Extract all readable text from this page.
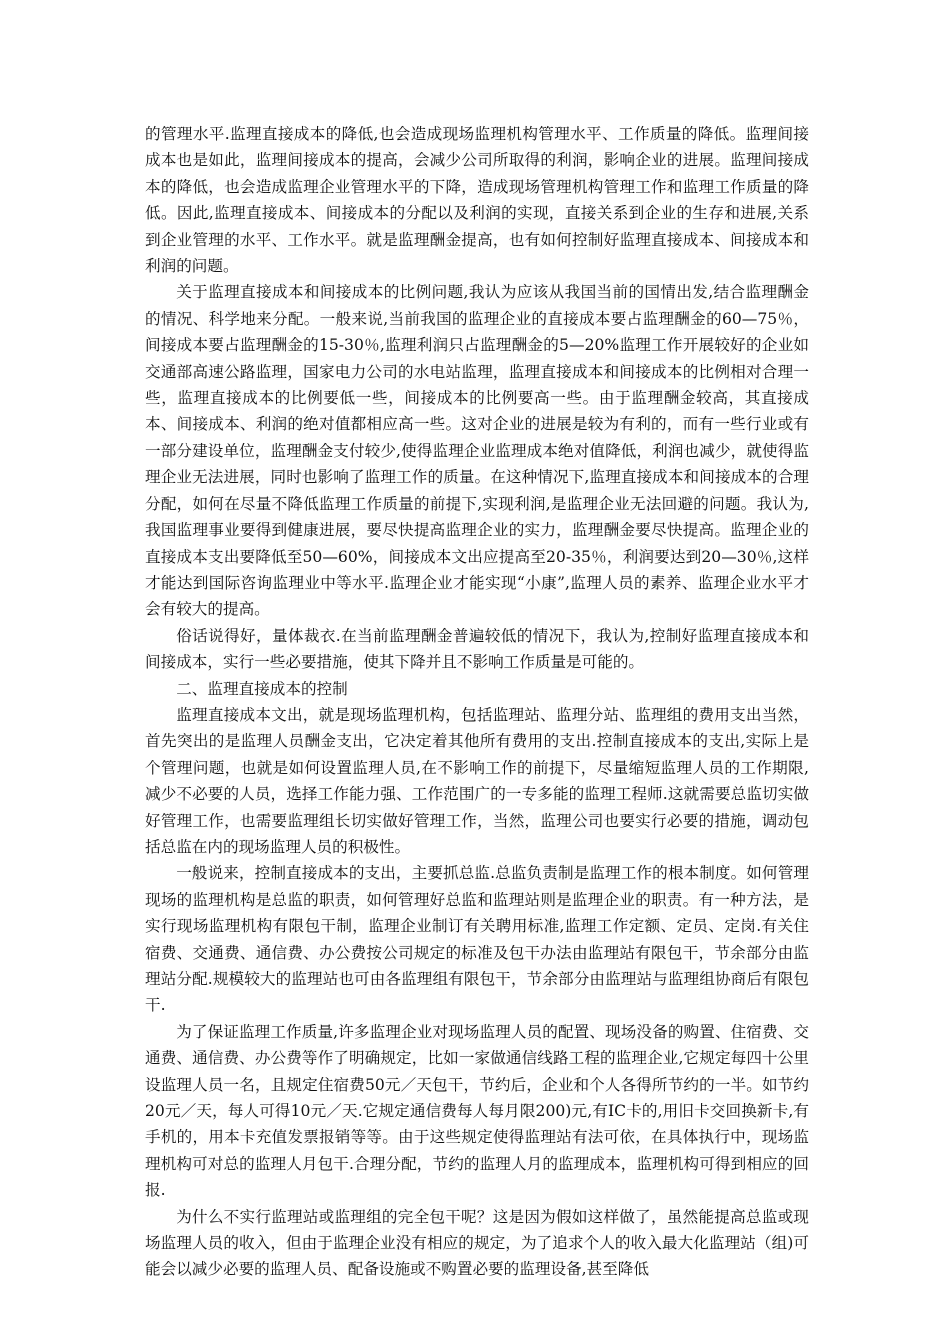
的管理水平.监理直接成本的降低,也会造成现场监理机构管理水平、工作质量的降低。监理间接成本也是如此，监理间接成本的提高，会减少公司所取得的利润，影响企业的进展。监理间接成本的降低，也会造成监理企业管理水平的下降，造成现场管理机构管理工作和监理工作质量的降低。因此,监理直接成本、间接成本的分配以及利润的实现，直接关系到企业的生存和进展,关系到企业管理的水平、工作水平。就是监理酬金提高，也有如何控制好监理直接成本、间接成本和利润的问题。

关于监理直接成本和间接成本的比例问题,我认为应该从我国当前的国情出发,结合监理酬金的情况、科学地来分配。一般来说,当前我国的监理企业的直接成本要占监理酬金的60—75％，间接成本要占监理酬金的15-30％,监理利润只占监理酬金的5—20%监理工作开展较好的企业如交通部高速公路监理，国家电力公司的水电站监理，监理直接成本和间接成本的比例相对合理一些，监理直接成本的比例要低一些，间接成本的比例要高一些。由于监理酬金较高，其直接成本、间接成本、利润的绝对值都相应高一些。这对企业的进展是较为有利的，而有一些行业或有一部分建设单位，监理酬金支付较少,使得监理企业监理成本绝对值降低，利润也减少，就使得监理企业无法进展，同时也影响了监理工作的质量。在这种情况下,监理直接成本和间接成本的合理分配，如何在尽量不降低监理工作质量的前提下,实现利润,是监理企业无法回避的问题。我认为,我国监理事业要得到健康进展，要尽快提高监理企业的实力，监理酬金要尽快提高。监理企业的直接成本支出要降低至50—60%，间接成本文出应提高至20-35％，利润要达到20—30％,这样才能达到国际咨询监理业中等水平.监理企业才能实现“小康”,监理人员的素养、监理企业水平才会有较大的提高。

俗话说得好，量体裁衣.在当前监理酬金普遍较低的情况下，我认为,控制好监理直接成本和间接成本，实行一些必要措施，使其下降并且不影响工作质量是可能的。

二、监理直接成本的控制

监理直接成本文出，就是现场监理机构，包括监理站、监理分站、监理组的费用支出当然，首先突出的是监理人员酬金支出，它决定着其他所有费用的支出.控制直接成本的支出,实际上是个管理问题，也就是如何设置监理人员,在不影响工作的前提下，尽量缩短监理人员的工作期限,减少不必要的人员，选择工作能力强、工作范围广的一专多能的监理工程师.这就需要总监切实做好管理工作，也需要监理组长切实做好管理工作，当然，监理公司也要实行必要的措施，调动包括总监在内的现场监理人员的积极性。

一般说来，控制直接成本的支出，主要抓总监.总监负责制是监理工作的根本制度。如何管理现场的监理机构是总监的职责，如何管理好总监和监理站则是监理企业的职责。有一种方法，是实行现场监理机构有限包干制，监理企业制订有关聘用标准,监理工作定额、定员、定岗.有关住宿费、交通费、通信费、办公费按公司规定的标准及包干办法由监理站有限包干，节余部分由监理站分配.规模较大的监理站也可由各监理组有限包干，节余部分由监理站与监理组协商后有限包干.

为了保证监理工作质量,许多监理企业对现场监理人员的配置、现场没备的购置、住宿费、交通费、通信费、办公费等作了明确规定，比如一家做通信线路工程的监理企业,它规定每四十公里设监理人员一名，且规定住宿费50元／天包干，节约后，企业和个人各得所节约的一半。如节约20元／天，每人可得10元／天.它规定通信费每人每月限200)元,有IC卡的,用旧卡交回换新卡,有手机的，用本卡充值发票报销等等。由于这些规定使得监理站有法可依，在具体执行中，现场监理机构可对总的监理人月包干.合理分配，节约的监理人月的监理成本，监理机构可得到相应的回报.

为什么不实行监理站或监理组的完全包干呢？这是因为假如这样做了，虽然能提高总监或现场监理人员的收入，但由于监理企业没有相应的规定，为了追求个人的收入最大化监理站（组)可能会以减少必要的监理人员、配备设施或不购置必要的监理设备,甚至降低
